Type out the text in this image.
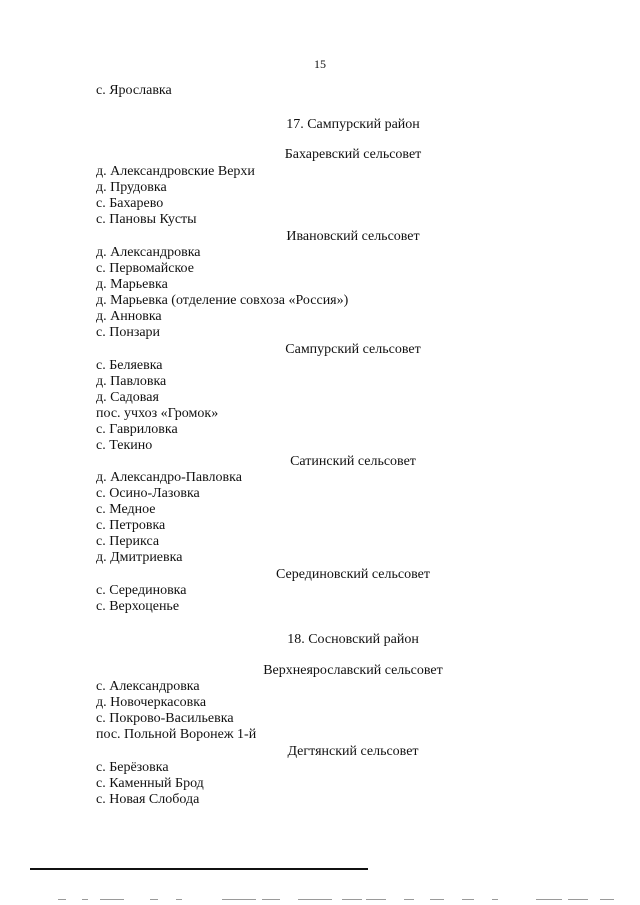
15
с. Ярославка
17. Сампурский район
Бахаревский сельсовет
д. Александровские Верхи
д. Прудовка
с. Бахарево
с. Пановы Кусты
Ивановский сельсовет
д. Александровка
с. Первомайское
д. Марьевка
д. Марьевка (отделение совхоза «Россия»)
д. Анновка
с. Понзари
Сампурский сельсовет
с. Беляевка
д. Павловка
д. Садовая
пос. учхоз «Громок»
с. Гавриловка
с. Текино
Сатинский сельсовет
д. Александро-Павловка
с. Осино-Лазовка
с. Медное
с. Петровка
с. Перикса
д. Дмитриевка
Серединовский сельсовет
с. Серединовка
с. Верхоценье
18. Сосновский район
Верхнеярославский сельсовет
с. Александровка
д. Новочеркасовка
с. Покрово-Васильевка
пос. Польной Воронеж 1-й
Дегтянский сельсовет
с. Берёзовка
с. Каменный Брод
с. Новая Слобода
